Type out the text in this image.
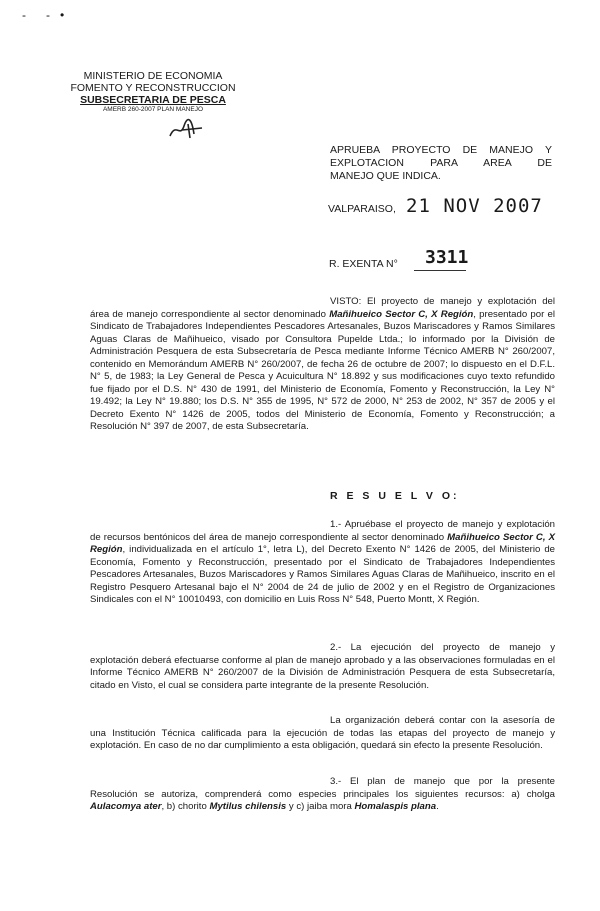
-      -   •
MINISTERIO DE ECONOMIA
FOMENTO Y RECONSTRUCCION
SUBSECRETARIA DE PESCA
AMERB 260-2007 PLAN MANEJO
APRUEBA PROYECTO DE MANEJO Y
EXPLOTACION PARA AREA DE
MANEJO QUE INDICA.
VALPARAISO, 21 NOV 2007
R. EXENTA N° 3311
VISTO: El proyecto de manejo y explotación del área de manejo correspondiente al sector denominado Mañihueico Sector C, X Región, presentado por el Sindicato de Trabajadores Independientes Pescadores Artesanales, Buzos Mariscadores y Ramos Similares Aguas Claras de Mañihueico, visado por Consultora Pupelde Ltda.; lo informado por la División de Administración Pesquera de esta Subsecretaría de Pesca mediante Informe Técnico AMERB N° 260/2007, contenido en Memorándum AMERB N° 260/2007, de fecha 26 de octubre de 2007; lo dispuesto en el D.F.L. N° 5, de 1983; la Ley General de Pesca y Acuicultura N° 18.892 y sus modificaciones cuyo texto refundido fue fijado por el D.S. N° 430 de 1991, del Ministerio de Economía, Fomento y Reconstrucción, la Ley N° 19.492; la Ley N° 19.880; los D.S. N° 355 de 1995, N° 572 de 2000, N° 253 de 2002, N° 357 de 2005 y el Decreto Exento N° 1426 de 2005, todos del Ministerio de Economía, Fomento y Reconstrucción; a Resolución N° 397 de 2007, de esta Subsecretaría.
R E S U E L V O:
1.- Apruébase el proyecto de manejo y explotación de recursos bentónicos del área de manejo correspondiente al sector denominado Mañihueico Sector C, X Región, individualizada en el artículo 1°, letra L), del Decreto Exento N° 1426 de 2005, del Ministerio de Economía, Fomento y Reconstrucción, presentado por el Sindicato de Trabajadores Independientes Pescadores Artesanales, Buzos Mariscadores y Ramos Similares Aguas Claras de Mañihueico, inscrito en el Registro Pesquero Artesanal bajo el N° 2004 de 24 de julio de 2002 y en el Registro de Organizaciones Sindicales con el N° 10010493, con domicilio en Luis Ross N° 548, Puerto Montt, X Región.
2.- La ejecución del proyecto de manejo y explotación deberá efectuarse conforme al plan de manejo aprobado y a las observaciones formuladas en el Informe Técnico AMERB N° 260/2007 de la División de Administración Pesquera de esta Subsecretaría, citado en Visto, el cual se considera parte integrante de la presente Resolución.
La organización deberá contar con la asesoría de una Institución Técnica calificada para la ejecución de todas las etapas del proyecto de manejo y explotación. En caso de no dar cumplimiento a esta obligación, quedará sin efecto la presente Resolución.
3.- El plan de manejo que por la presente Resolución se autoriza, comprenderá como especies principales los siguientes recursos: a) cholga Aulacomya ater, b) chorito Mytilus chilensis y c) jaiba mora Homalaspis plana.
